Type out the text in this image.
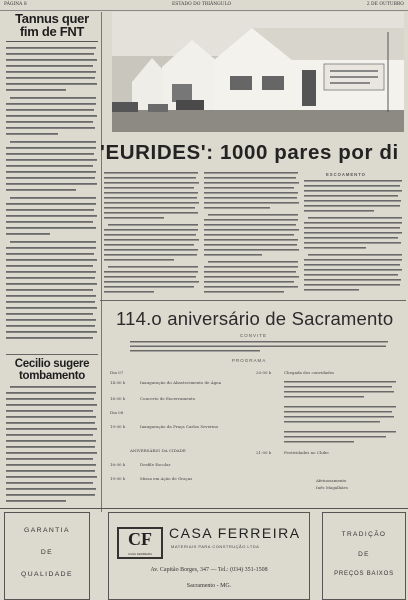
PÁGINA 8	ESTADO DO TRIÂNGULO	2 DE OUTUBRO
Tannus quer
fim de FNT
'EURIDES': 1000 pares por di
ESCOAMENTO
114.o aniversário de Sacramento
CONVITE
PROGRAMA
Dia 07
14:00 h	Inauguração do Abastecimento de Água
16:00 h	Concerto de Encerramento
Dia 08
19:00 h	Inauguração da Praça Carlos Severino
ANIVERSÁRIO DA CIDADE
16:00 h	Desfile Escolar
19:00 h	Missa em Ação de Graças
20:00 h	Chegada dos convidados
21:00 h	Festividades no Clube
Afetuosamente
Inês Magalhães
Cecilio sugere
tombamento
GARANTIA
DE
QUALIDADE
CF
CASA FERREIRA
CASA FERREIRA
MATERIAIS PARA CONSTRUÇÃO LTDA
Av. Capitão Borges, 347 — Tel.: (034) 351-1508
Sacramento - MG.
TRADIÇÃO
DE
PREÇOS BAIXOS
